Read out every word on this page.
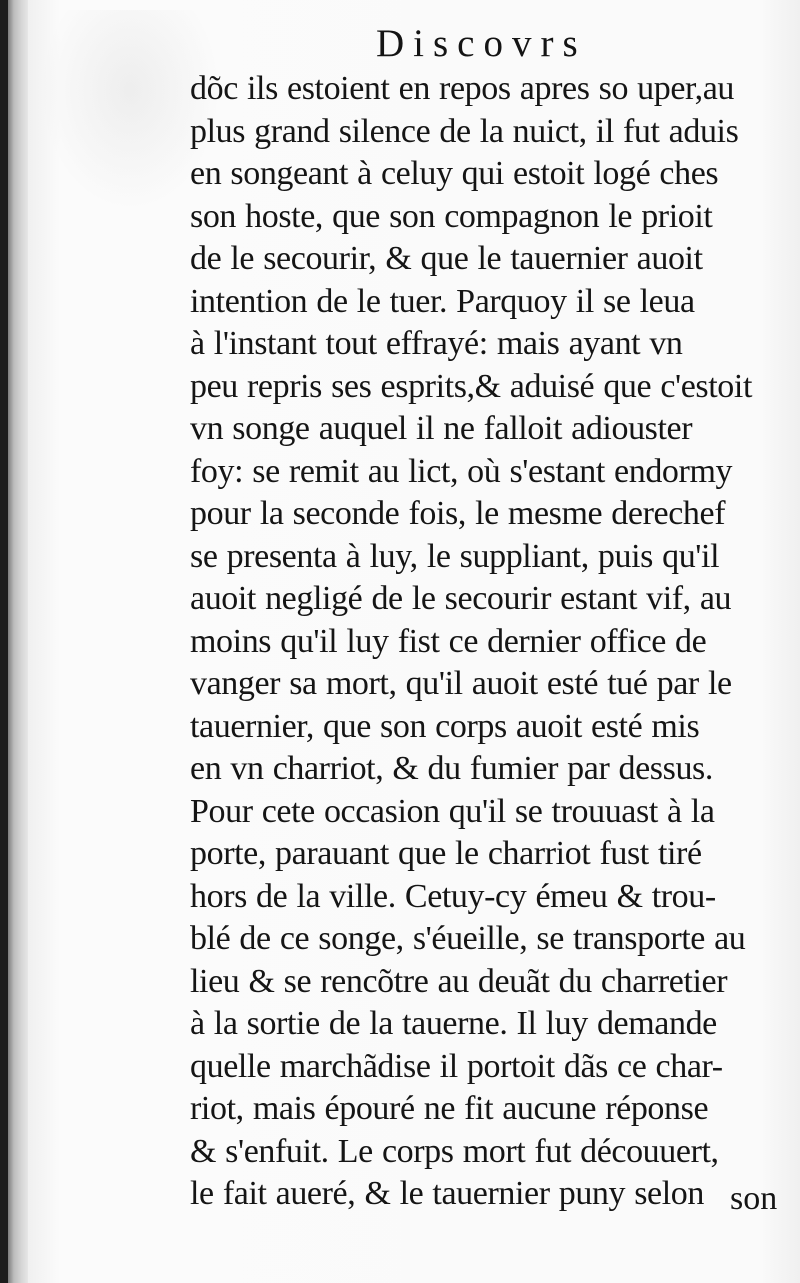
Discovrs

dõc ils estoient en repos apres so uper,au
plus grand silence de la nuict, il fut aduis
en songeant à celuy qui estoit logé ches
son hoste, que son compagnon le prioit
de le secourir, & que le tauernier auoit
intention de le tuer. Parquoy il se leua
à l'instant tout effrayé: mais ayant vn
peu repris ses esprits,& aduisé que c'estoit
vn songe auquel il ne falloit adiouster
foy: se remit au lict, où s'estant endormy
pour la seconde fois, le mesme derechef
se presenta à luy, le suppliant, puis qu'il
auoit negligé de le secourir estant vif, au
moins qu'il luy fist ce dernier office de
vanger sa mort, qu'il auoit esté tué par le
tauernier, que son corps auoit esté mis
en vn charriot, & du fumier par dessus.
Pour cete occasion qu'il se trouuast à la
porte, parauant que le charriot fust tiré
hors de la ville. Cetuy-cy émeu & trou-
blé de ce songe, s'éueille, se transporte au
lieu & se rencõtre au deuãt du charretier
à la sortie de la tauerne. Il luy demande
quelle marchãdise il portoit dãs ce char-
riot, mais épouré ne fit aucune réponse
& s'enfuit. Le corps mort fut découuert,
le fait aueré, & le tauernier puny selon son
